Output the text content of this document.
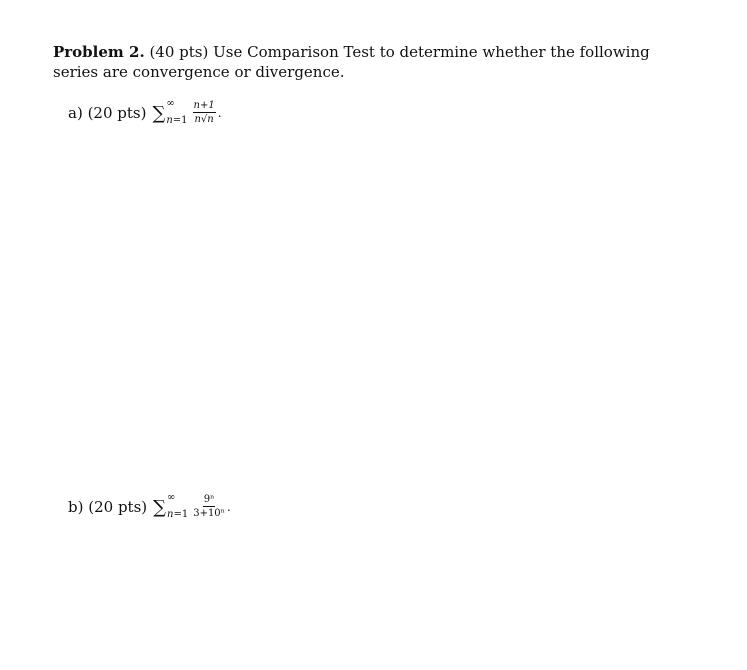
Problem 2. (40 pts) Use Comparison Test to determine whether the following series are convergence or divergence.
a)
(20 pts) ∑ ∞
$n=1 \frac{n+1}{n√n}$ .
b)
(20 pts) ∑ ∞
$n=1 \frac{\text{9ⁿ}}{\text{3+10ⁿ}}$ .
